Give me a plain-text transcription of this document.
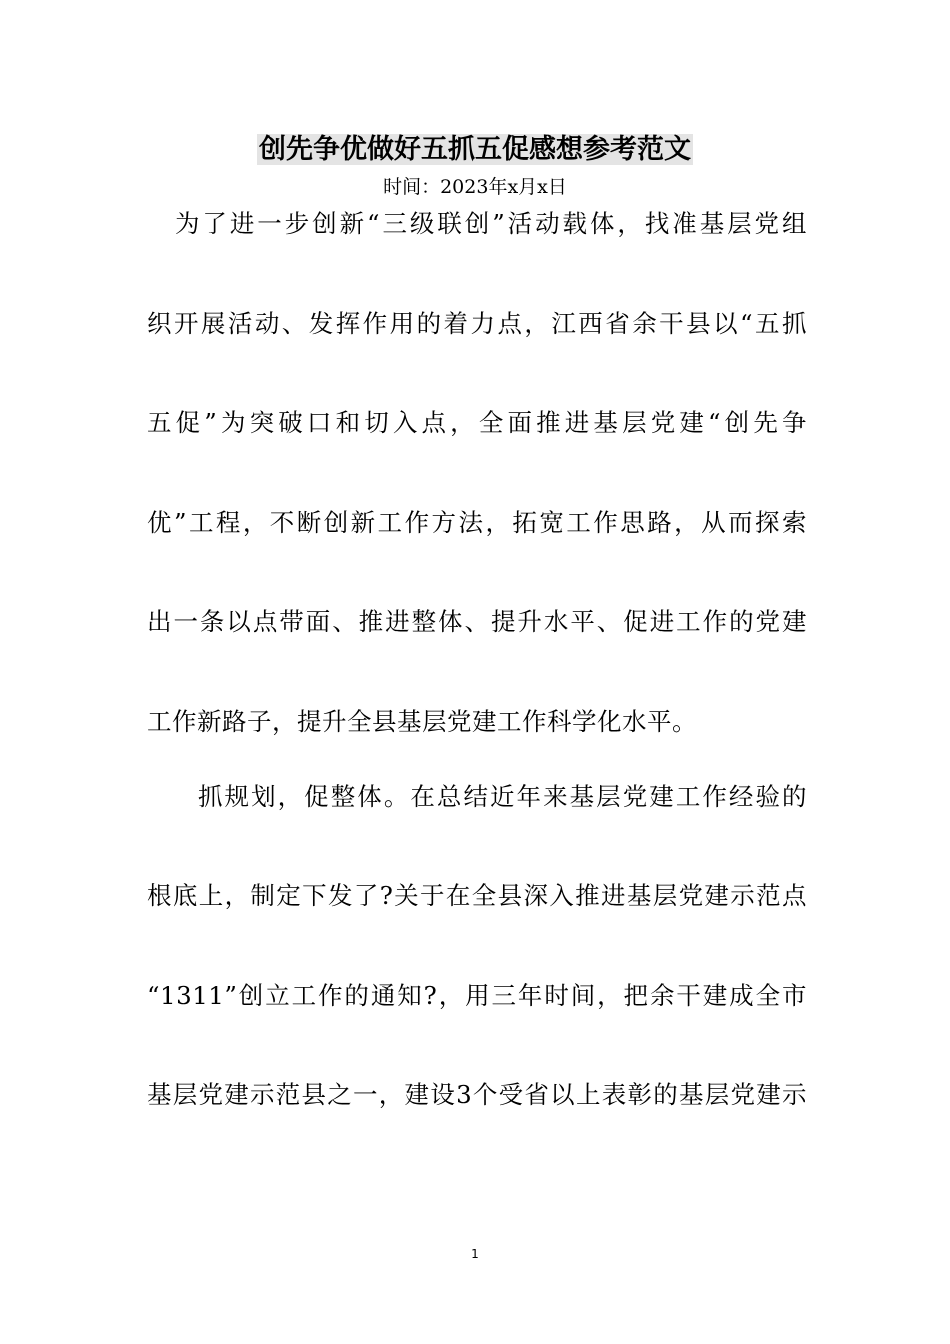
创先争优做好五抓五促感想参考范文
时间：2023年x月x日
为了进一步创新“三级联创”活动载体，找准基层党组
织开展活动、发挥作用的着力点，江西省余干县以“五抓
五促”为突破口和切入点，全面推进基层党建“创先争
优”工程，不断创新工作方法，拓宽工作思路，从而探索
出一条以点带面、推进整体、提升水平、促进工作的党建
工作新路子，提升全县基层党建工作科学化水平。
抓规划，促整体。在总结近年来基层党建工作经验的
根底上，制定下发了?关于在全县深入推进基层党建示范点
“1311”创立工作的通知?，用三年时间，把余干建成全市
基层党建示范县之一，建设3个受省以上表彰的基层党建示
1
